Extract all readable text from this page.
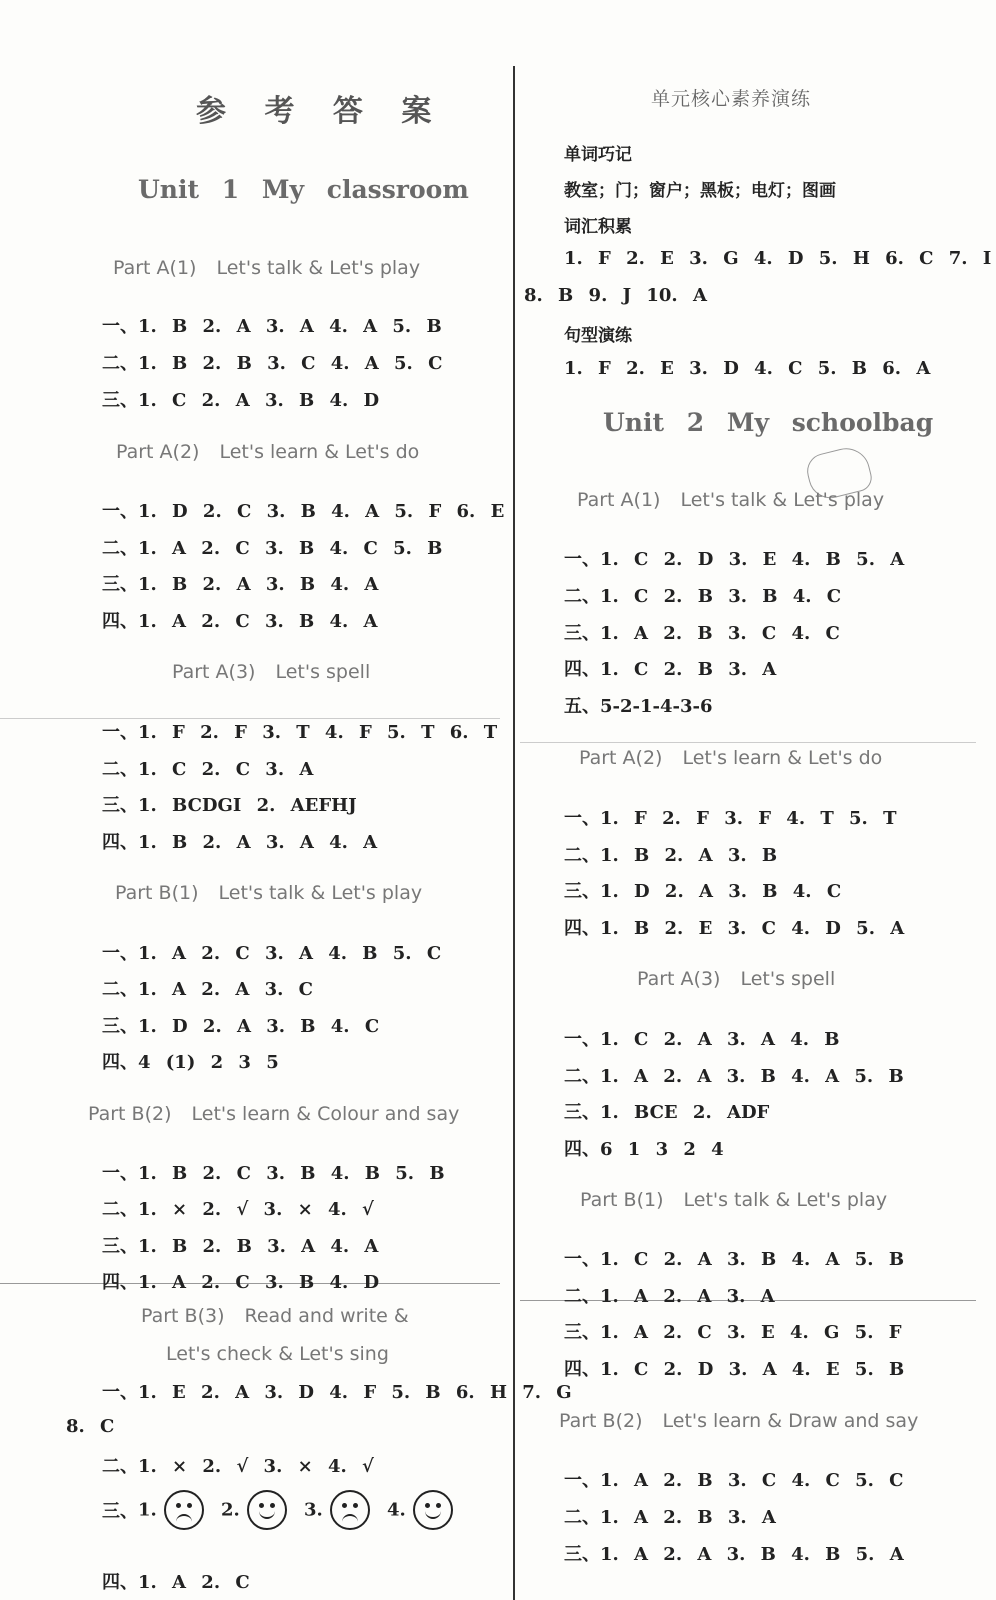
参 考 答 案
Unit 1 My classroom
Part A(1) Let's talk & Let's play
一、1. B 2. A 3. A 4. A 5. B
二、1. B 2. B 3. C 4. A 5. C
三、1. C 2. A 3. B 4. D
Part A(2) Let's learn & Let's do
一、1. D 2. C 3. B 4. A 5. F 6. E
二、1. A 2. C 3. B 4. C 5. B
三、1. B 2. A 3. B 4. A
四、1. A 2. C 3. B 4. A
Part A(3) Let's spell
一、1. F 2. F 3. T 4. F 5. T 6. T
二、1. C 2. C 3. A
三、1. BCDGI 2. AEFHJ
四、1. B 2. A 3. A 4. A
Part B(1) Let's talk & Let's play
一、1. A 2. C 3. A 4. B 5. C
二、1. A 2. A 3. C
三、1. D 2. A 3. B 4. C
四、4 (1) 2 3 5
Part B(2) Let's learn & Colour and say
一、1. B 2. C 3. B 4. B 5. B
二、1. × 2. √ 3. × 4. √
三、1. B 2. B 3. A 4. A
四、1. A 2. C 3. B 4. D
Part B(3) Read and write &
Let's check & Let's sing
一、1. E 2. A 3. D 4. F 5. B 6. H 7. G
8. C
二、1. × 2. √ 3. × 4. √
三、1.	2.	3.	4.
四、1. A 2. C
单元核心素养演练
单词巧记
教室；门；窗户；黑板；电灯；图画
词汇积累
1. F 2. E 3. G 4. D 5. H 6. C 7. I
8. B 9. J 10. A
句型演练
1. F 2. E 3. D 4. C 5. B 6. A
Unit 2 My schoolbag
Part A(1) Let's talk & Let's play
一、1. C 2. D 3. E 4. B 5. A
二、1. C 2. B 3. B 4. C
三、1. A 2. B 3. C 4. C
四、1. C 2. B 3. A
五、5-2-1-4-3-6
Part A(2) Let's learn & Let's do
一、1. F 2. F 3. F 4. T 5. T
二、1. B 2. A 3. B
三、1. D 2. A 3. B 4. C
四、1. B 2. E 3. C 4. D 5. A
Part A(3) Let's spell
一、1. C 2. A 3. A 4. B
二、1. A 2. A 3. B 4. A 5. B
三、1. BCE 2. ADF
四、6 1 3 2 4
Part B(1) Let's talk & Let's play
一、1. C 2. A 3. B 4. A 5. B
二、1. A 2. A 3. A
三、1. A 2. C 3. E 4. G 5. F
四、1. C 2. D 3. A 4. E 5. B
Part B(2) Let's learn & Draw and say
一、1. A 2. B 3. C 4. C 5. C
二、1. A 2. B 3. A
三、1. A 2. A 3. B 4. B 5. A
